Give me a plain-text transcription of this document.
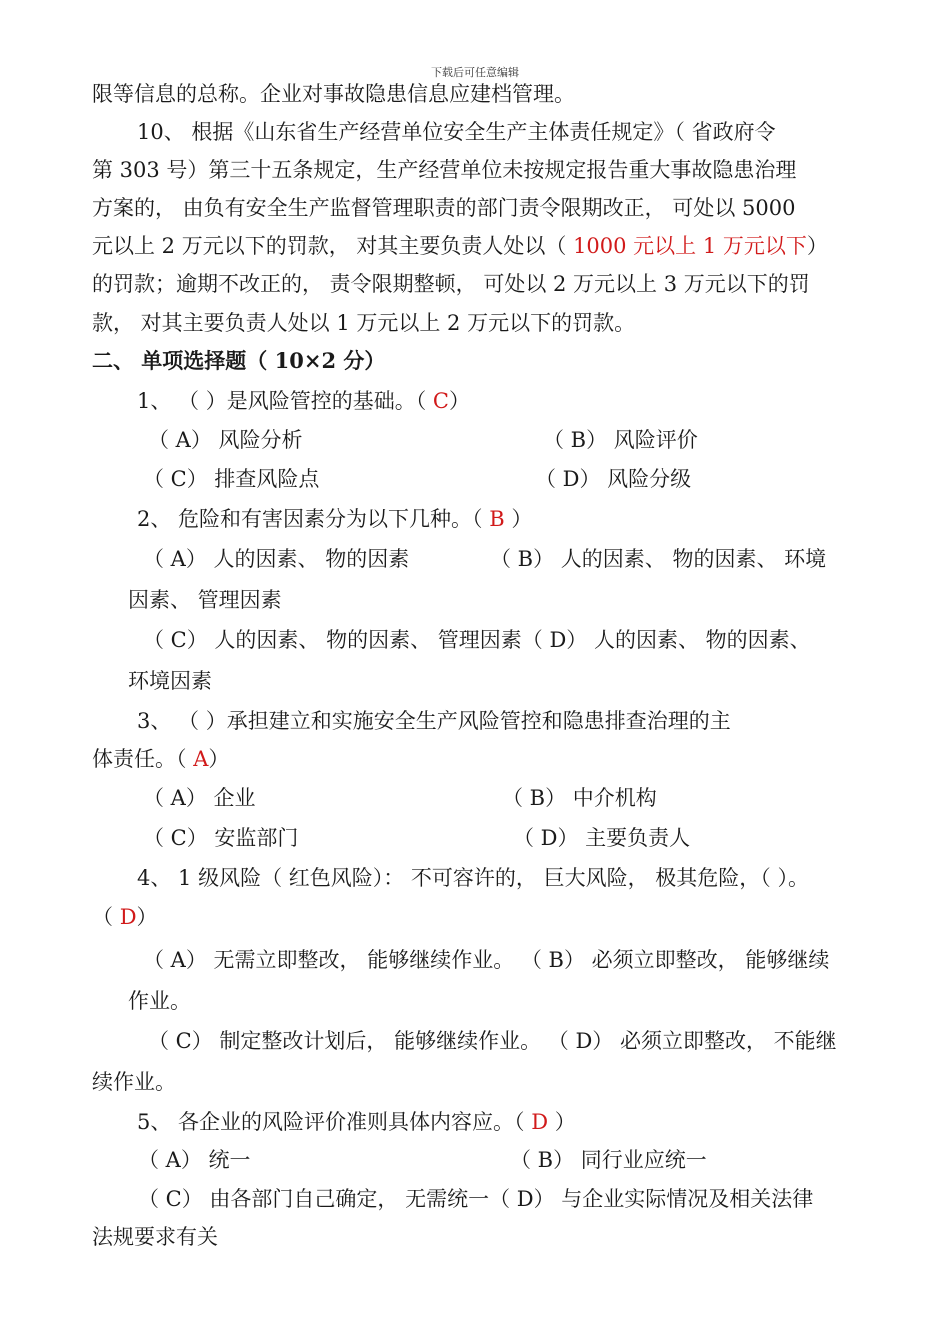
下载后可任意编辑
限等信息的总称。企业对事故隐患信息应建档管理。
10、 根据《山东省生产经营单位安全生产主体责任规定》（ 省政府令
第 303 号）第三十五条规定，生产经营单位未按规定报告重大事故隐患治理
方案的， 由负有安全生产监督管理职责的部门责令限期改正， 可处以 5000
元以上 2 万元以下的罚款， 对其主要负责人处以（ 1000 元以上 1 万元以下）
的罚款；逾期不改正的， 责令限期整顿， 可处以 2 万元以上 3 万元以下的罚
款， 对其主要负责人处以 1 万元以上 2 万元以下的罚款。
二、 单项选择题（ 10×2 分）
1、 （ ）是风险管控的基础。（ C）
（ A） 风险分析	（ B） 风险评价
（ C） 排查风险点	（ D） 风险分级
2、 危险和有害因素分为以下几种。（ B ）
（ A） 人的因素、 物的因素	（ B） 人的因素、 物的因素、 环境
因素、 管理因素
（ C） 人的因素、 物的因素、 管理因素（ D） 人的因素、 物的因素、
环境因素
3、 （ ）承担建立和实施安全生产风险管控和隐患排查治理的主
体责任。（ A）
（ A） 企业	（ B） 中介机构
（ C） 安监部门	（ D） 主要负责人
4、 1 级风险（ 红色风险）： 不可容许的， 巨大风险， 极其危险，（ ）。
（ D）
（ A） 无需立即整改， 能够继续作业。 （ B） 必须立即整改， 能够继续
作业。
（ C） 制定整改计划后， 能够继续作业。 （ D） 必须立即整改， 不能继
续作业。
5、 各企业的风险评价准则具体内容应。（ D ）
（ A） 统一	（ B） 同行业应统一
（ C） 由各部门自己确定， 无需统一（ D） 与企业实际情况及相关法律
法规要求有关
